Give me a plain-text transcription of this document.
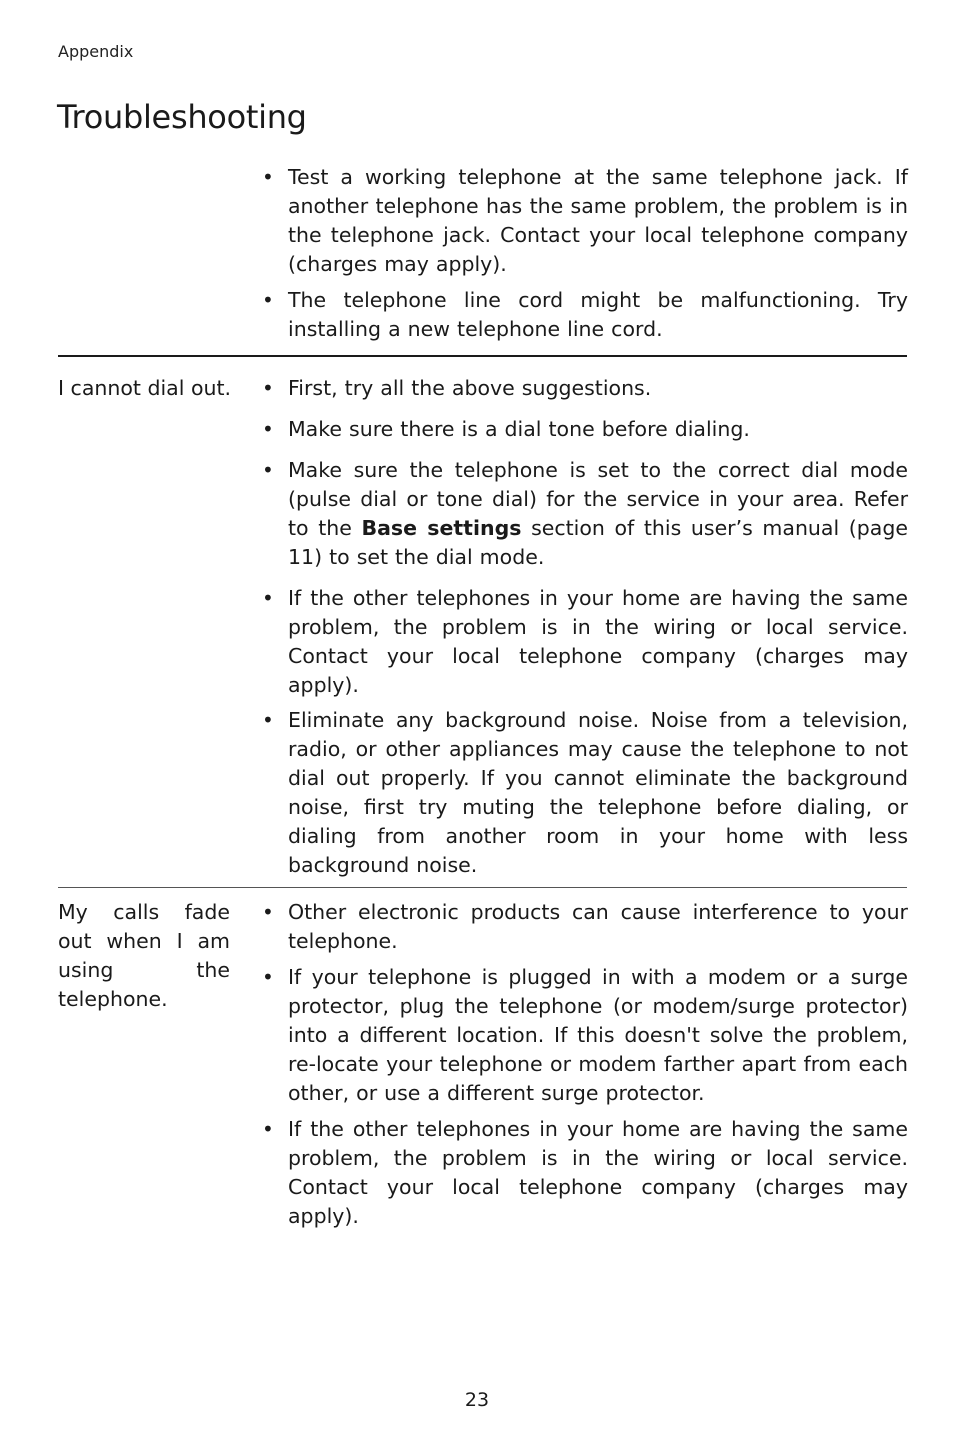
Appendix
Troubleshooting
• Test a working telephone at the same telephone jack. If another telephone has the same problem, the problem is in the telephone jack. Contact your local telephone company (charges may apply).
• The telephone line cord might be malfunctioning. Try installing a new telephone line cord.
I cannot dial out.	• First, try all the above suggestions.
• Make sure there is a dial tone before dialing.
• Make sure the telephone is set to the correct dial mode (pulse dial or tone dial) for the service in your area. Refer to the Base settings section of this user’s manual (page 11) to set the dial mode.
• If the other telephones in your home are having the same problem, the problem is in the wiring or local service. Contact your local telephone company (charges may apply).
• Eliminate any background noise. Noise from a television, radio, or other appliances may cause the telephone to not dial out properly. If you cannot eliminate the background noise, first try muting the telephone before dialing, or dialing from another room in your home with less background noise.
My calls fade out when I am using the telephone.
• Other electronic products can cause interference to your telephone.
• If your telephone is plugged in with a modem or a surge protector, plug the telephone (or modem/surge protector) into a different location. If this doesn't solve the problem, re-locate your telephone or modem farther apart from each other, or use a different surge protector.
• If the other telephones in your home are having the same problem, the problem is in the wiring or local service. Contact your local telephone company (charges may apply).
23
